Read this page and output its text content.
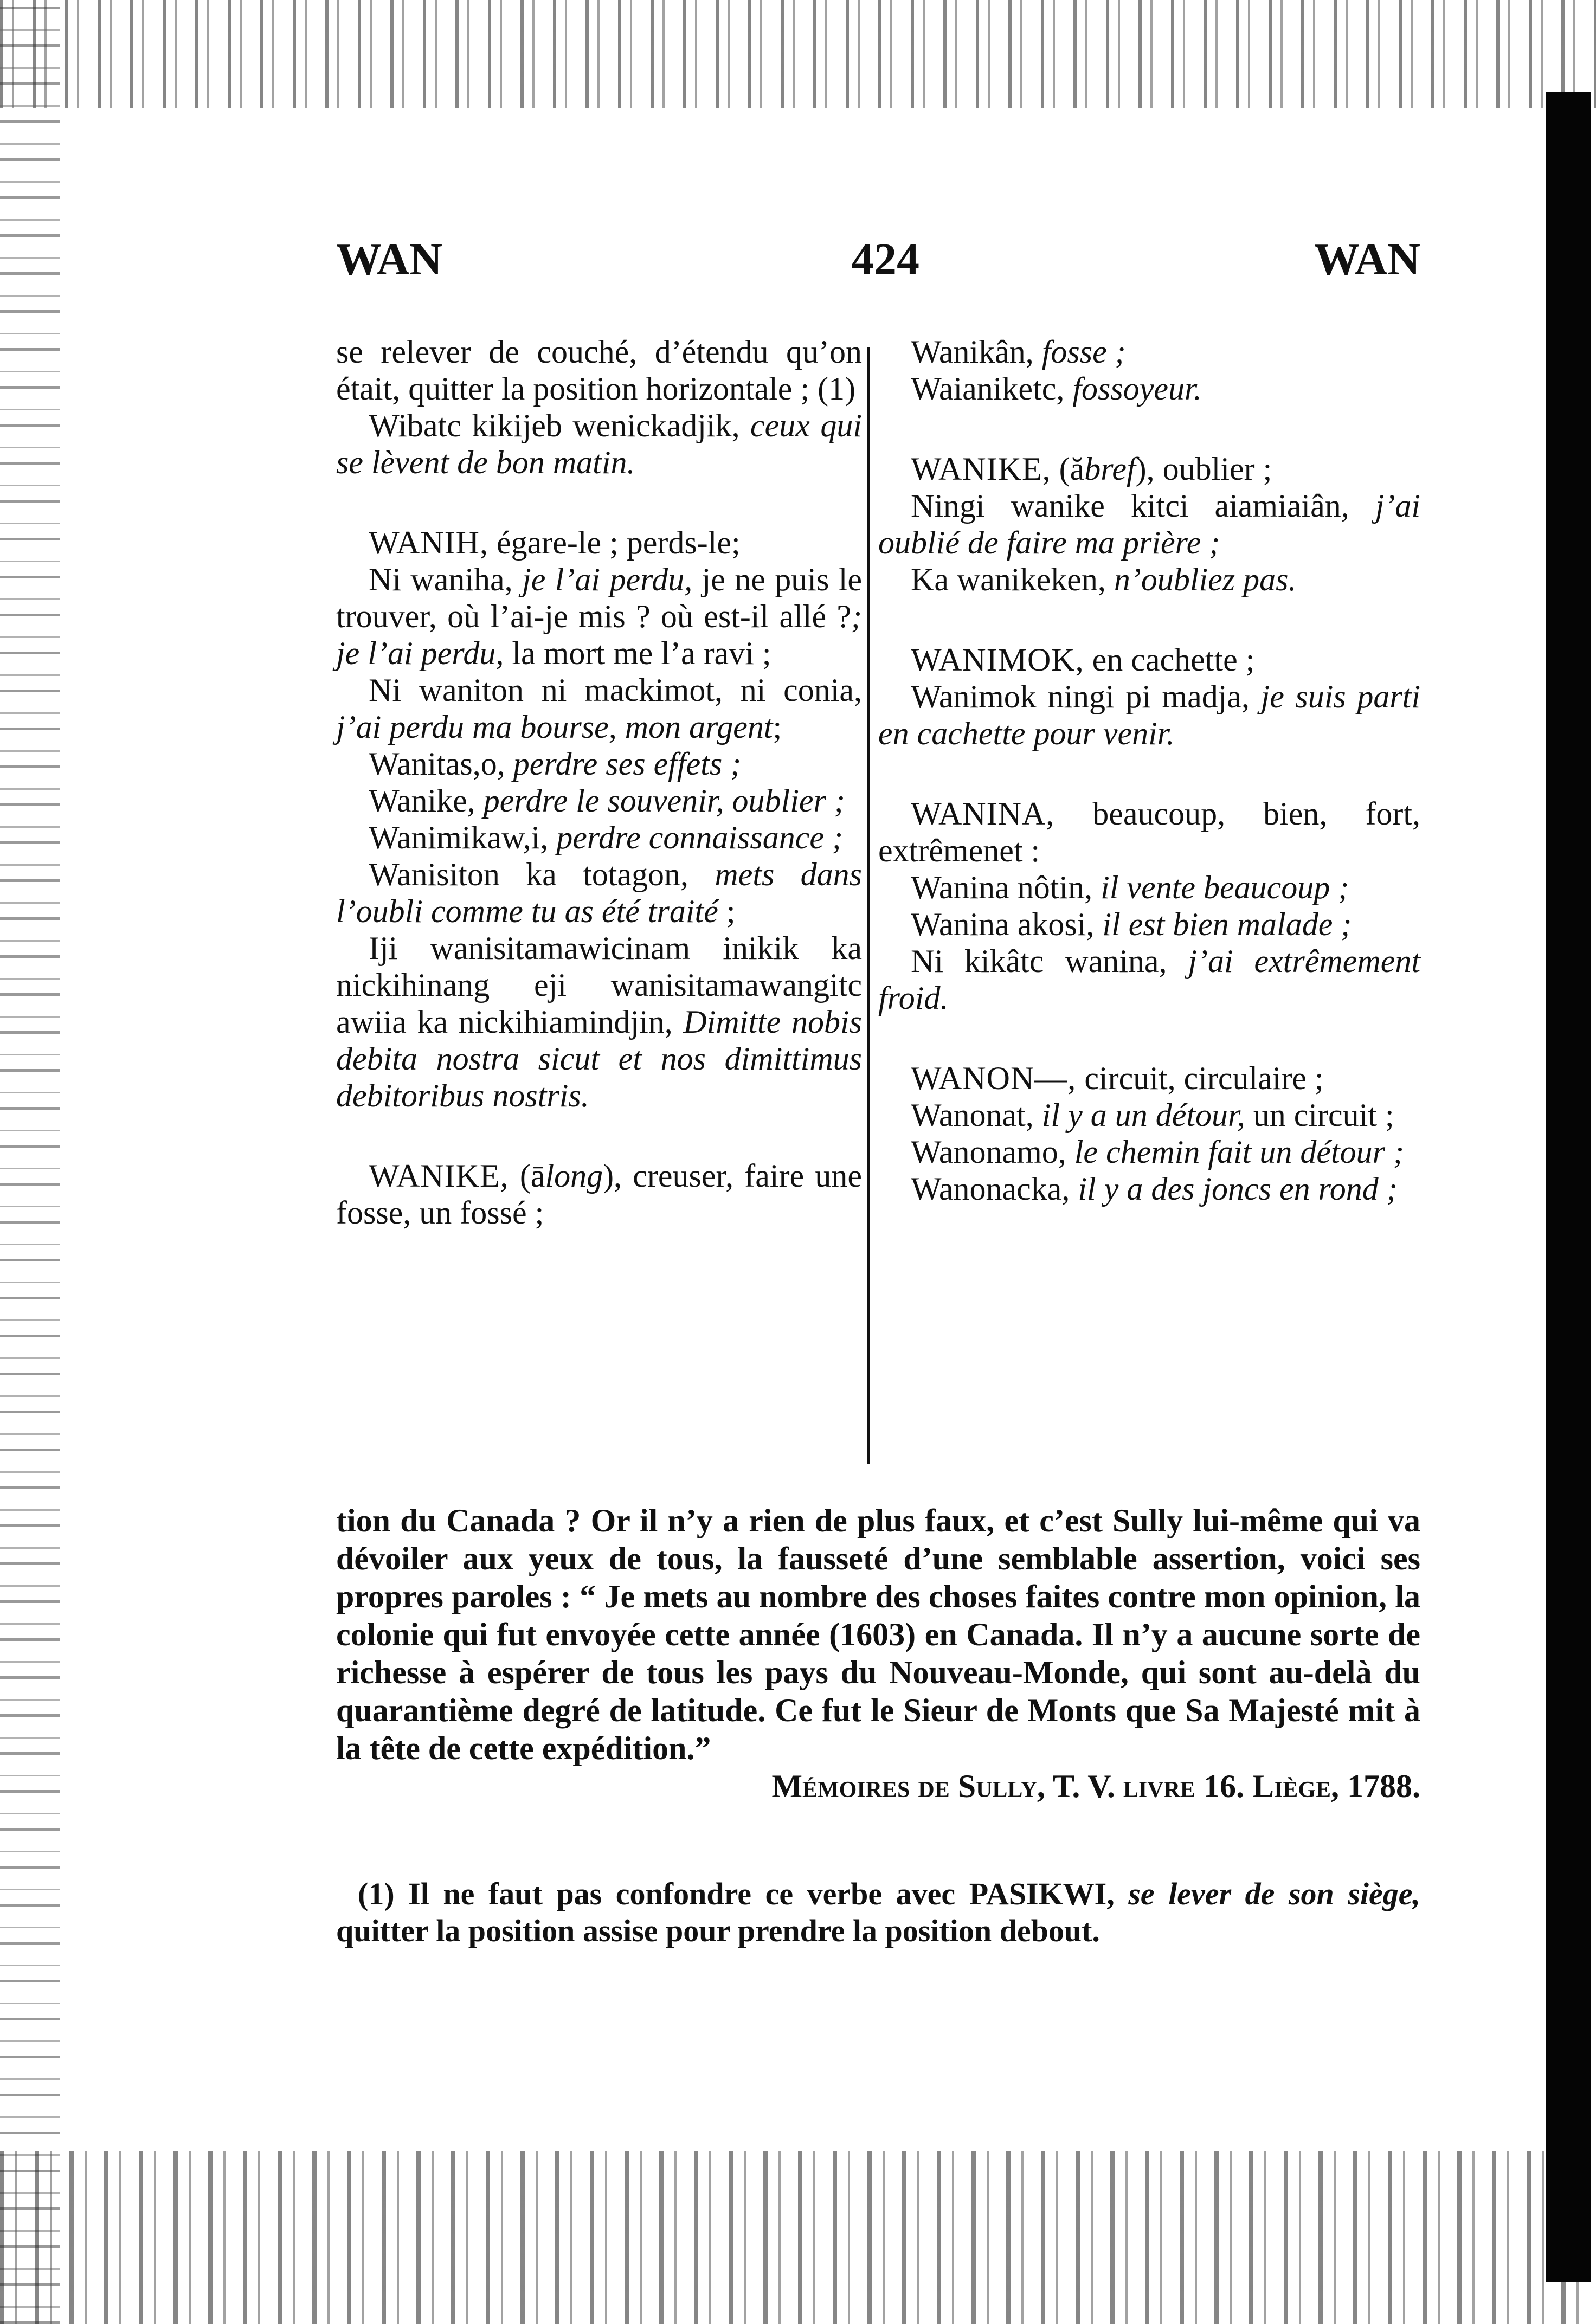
WAN	424	WAN

se relever de couché, d’étendu qu’on était, quitter la position horizontale ; (1)

Wibatc kikijeb wenickadjik, ceux qui se lèvent de bon matin.

WANIH, égare-le ; perds-le;

Ni waniha, je l’ai perdu, je ne puis le trouver, où l’ai-je mis ? où est-il allé ?; je l’ai perdu, la mort me l’a ravi ;

Ni waniton ni mackimot, ni conia, j’ai perdu ma bourse, mon argent;

Wanitas,o, perdre ses effets ;

Wanike, perdre le souvenir, oublier ;

Wanimikaw,i, perdre connaissance ;

Wanisiton ka totagon, mets dans l’oubli comme tu as été traité ;

Iji wanisitamawicinam inikik ka nickihinang eji wanisitamawangitc awiia ka nickihiamindjin, Dimitte nobis debita nostra sicut et nos dimittimus debitoribus nostris.

WANIKE, (ālong), creuser, faire une fosse, un fossé ;

Wanikân, fosse ;

Waianiketc, fossoyeur.

WANIKE, (ăbref), oublier ;

Ningi wanike kitci aiamiaiân, j’ai oublié de faire ma prière ;

Ka wanikeken, n’oubliez pas.

WANIMOK, en cachette ;

Wanimok ningi pi madja, je suis parti en cachette pour venir.

WANINA, beaucoup, bien, fort, extrêmenet :

Wanina nôtin, il vente beaucoup ;

Wanina akosi, il est bien malade ;

Ni kikâtc wanina, j’ai extrêmement froid.

WANON—, circuit, circulaire ;

Wanonat, il y a un détour, un circuit ;

Wanonamo, le chemin fait un détour ;

Wanonacka, il y a des joncs en rond ;

tion du Canada ? Or il n’y a rien de plus faux, et c’est Sully lui-même qui va dévoiler aux yeux de tous, la fausseté d’une semblable assertion, voici ses propres paroles : “ Je mets au nombre des choses faites contre mon opinion, la colonie qui fut envoyée cette année (1603) en Canada. Il n’y a aucune sorte de richesse à espérer de tous les pays du Nouveau-Monde, qui sont au-delà du quarantième degré de latitude. Ce fut le Sieur de Monts que Sa Majesté mit à la tête de cette expédition.”

Mémoires de Sully, T. V. livre 16. Liège, 1788.

(1) Il ne faut pas confondre ce verbe avec PASIKWI, se lever de son siège, quitter la position assise pour prendre la position debout.
